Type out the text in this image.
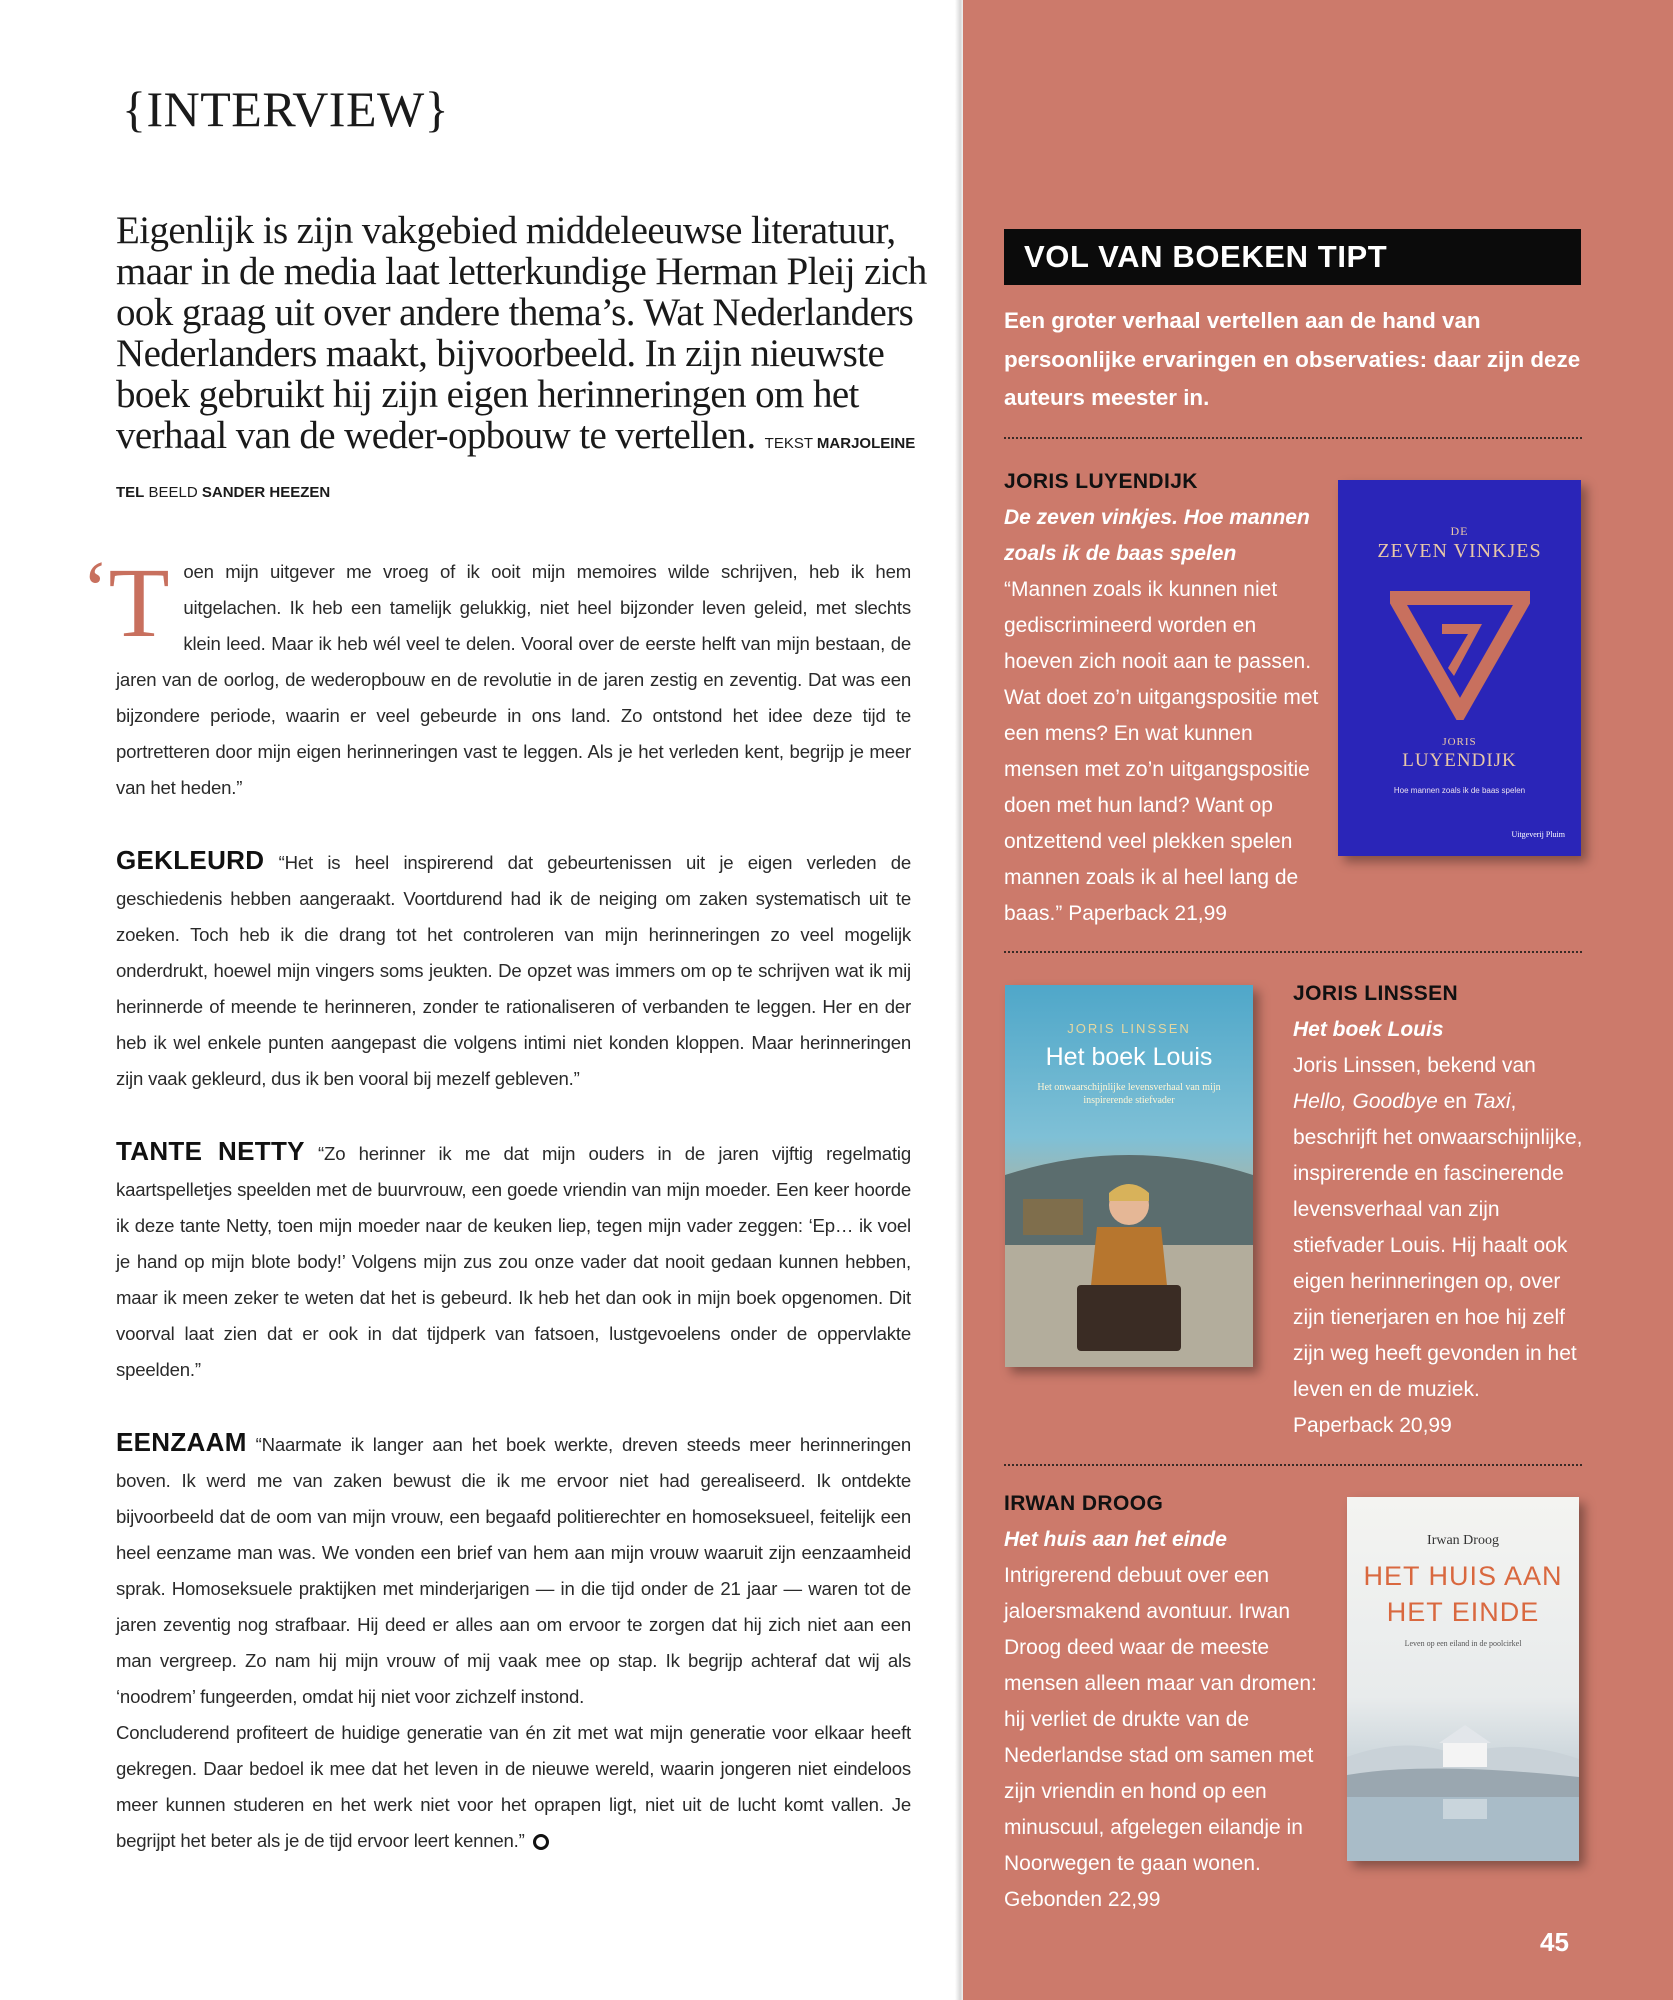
{INTERVIEW}
Eigenlijk is zijn vakgebied middeleeuwse literatuur, maar in de media laat letterkundige Herman Pleij zich ook graag uit over andere thema’s. Wat Nederlanders Nederlanders maakt, bijvoorbeeld. In zijn nieuwste boek gebruikt hij zijn eigen herinneringen om het verhaal van de weder-opbouw te vertellen. TEKST MARJOLEINE TEL BEELD SANDER HEEZEN

‘T oen mijn uitgever me vroeg of ik ooit mijn memoires wilde schrijven, heb ik hem uitgelachen. Ik heb een tamelijk gelukkig, niet heel bijzonder leven geleid, met slechts klein leed. Maar ik heb wél veel te delen. Vooral over de eerste helft van mijn bestaan, de jaren van de oorlog, de wederopbouw en de revolutie in de jaren zestig en zeventig. Dat was een bijzondere periode, waarin er veel gebeurde in ons land. Zo ontstond het idee deze tijd te portretteren door mijn eigen herinneringen vast te leggen. Als je het verleden kent, begrijp je meer van het heden.”

GEKLEURD “Het is heel inspirerend dat gebeurtenissen uit je eigen verleden de geschiedenis hebben aangeraakt. Voortdurend had ik de neiging om zaken systematisch uit te zoeken. Toch heb ik die drang tot het controleren van mijn herinneringen zo veel mogelijk onderdrukt, hoewel mijn vingers soms jeukten. De opzet was immers om op te schrijven wat ik mij herinnerde of meende te herinneren, zonder te rationaliseren of verbanden te leggen. Her en der heb ik wel enkele punten aangepast die volgens intimi niet konden kloppen. Maar herinneringen zijn vaak gekleurd, dus ik ben vooral bij mezelf gebleven.”

TANTE NETTY “Zo herinner ik me dat mijn ouders in de jaren vijftig regelmatig kaartspelletjes speelden met de buurvrouw, een goede vriendin van mijn moeder. Een keer hoorde ik deze tante Netty, toen mijn moeder naar de keuken liep, tegen mijn vader zeggen: ‘Ep… ik voel je hand op mijn blote body!’ Volgens mijn zus zou onze vader dat nooit gedaan kunnen hebben, maar ik meen zeker te weten dat het is gebeurd. Ik heb het dan ook in mijn boek opgenomen. Dit voorval laat zien dat er ook in dat tijdperk van fatsoen, lustgevoelens onder de oppervlakte speelden.”

EENZAAM “Naarmate ik langer aan het boek werkte, dreven steeds meer herinneringen boven. Ik werd me van zaken bewust die ik me ervoor niet had gerealiseerd. Ik ontdekte bijvoorbeeld dat de oom van mijn vrouw, een begaafd politierechter en homoseksueel, feitelijk een heel eenzame man was. We vonden een brief van hem aan mijn vrouw waaruit zijn eenzaamheid sprak. Homoseksuele praktijken met minderjarigen — in die tijd onder de 21 jaar — waren tot de jaren zeventig nog strafbaar. Hij deed er alles aan om ervoor te zorgen dat hij zich niet aan een man vergreep. Zo nam hij mijn vrouw of mij vaak mee op stap. Ik begrijp achteraf dat wij als ‘noodrem’ fungeerden, omdat hij niet voor zichzelf instond.

Concluderend profiteert de huidige generatie van én zit met wat mijn generatie voor elkaar heeft gekregen. Daar bedoel ik mee dat het leven in de nieuwe wereld, waarin jongeren niet eindeloos meer kunnen studeren en het werk niet voor het oprapen ligt, niet uit de lucht komt vallen. Je begrijpt het beter als je de tijd ervoor leert kennen.”

VOL VAN BOEKEN TIPT
Een groter verhaal vertellen aan de hand van persoonlijke ervaringen en observaties: daar zijn deze auteurs meester in.
JORIS LUYENDIJK
De zeven vinkjes. Hoe mannen zoals ik de baas spelen
“Mannen zoals ik kunnen niet gediscrimineerd worden en hoeven zich nooit aan te passen. Wat doet zo’n uitgangspositie met een mens? En wat kunnen mensen met zo’n uitgangspositie doen met hun land? Want op ontzettend veel plekken spelen mannen zoals ik al heel lang de baas.” Paperback 21,99
DE
ZEVEN VINKJES
JORIS
LUYENDIJK
Hoe mannen zoals ik de baas spelen
Uitgeverij Pluim
JORIS LINSSEN
Het boek Louis
Het onwaarschijnlijke levensverhaal van mijn inspirerende stiefvader
JORIS LINSSEN
Het boek Louis
Joris Linssen, bekend van Hello, Goodbye en Taxi, beschrijft het onwaarschijnlijke, inspirerende en fascinerende levensverhaal van zijn stiefvader Louis. Hij haalt ook eigen herinneringen op, over zijn tienerjaren en hoe hij zelf zijn weg heeft gevonden in het leven en de muziek. Paperback 20,99
IRWAN DROOG
Het huis aan het einde
Intrigrerend debuut over een jaloersmakend avontuur. Irwan Droog deed waar de meeste mensen alleen maar van dromen: hij verliet de drukte van de Nederlandse stad om samen met zijn vriendin en hond op een minuscuul, afgelegen eilandje in Noorwegen te gaan wonen. Gebonden 22,99
Irwan Droog
HET HUIS AAN
HET EINDE
Leven op een eiland in de poolcirkel
45
